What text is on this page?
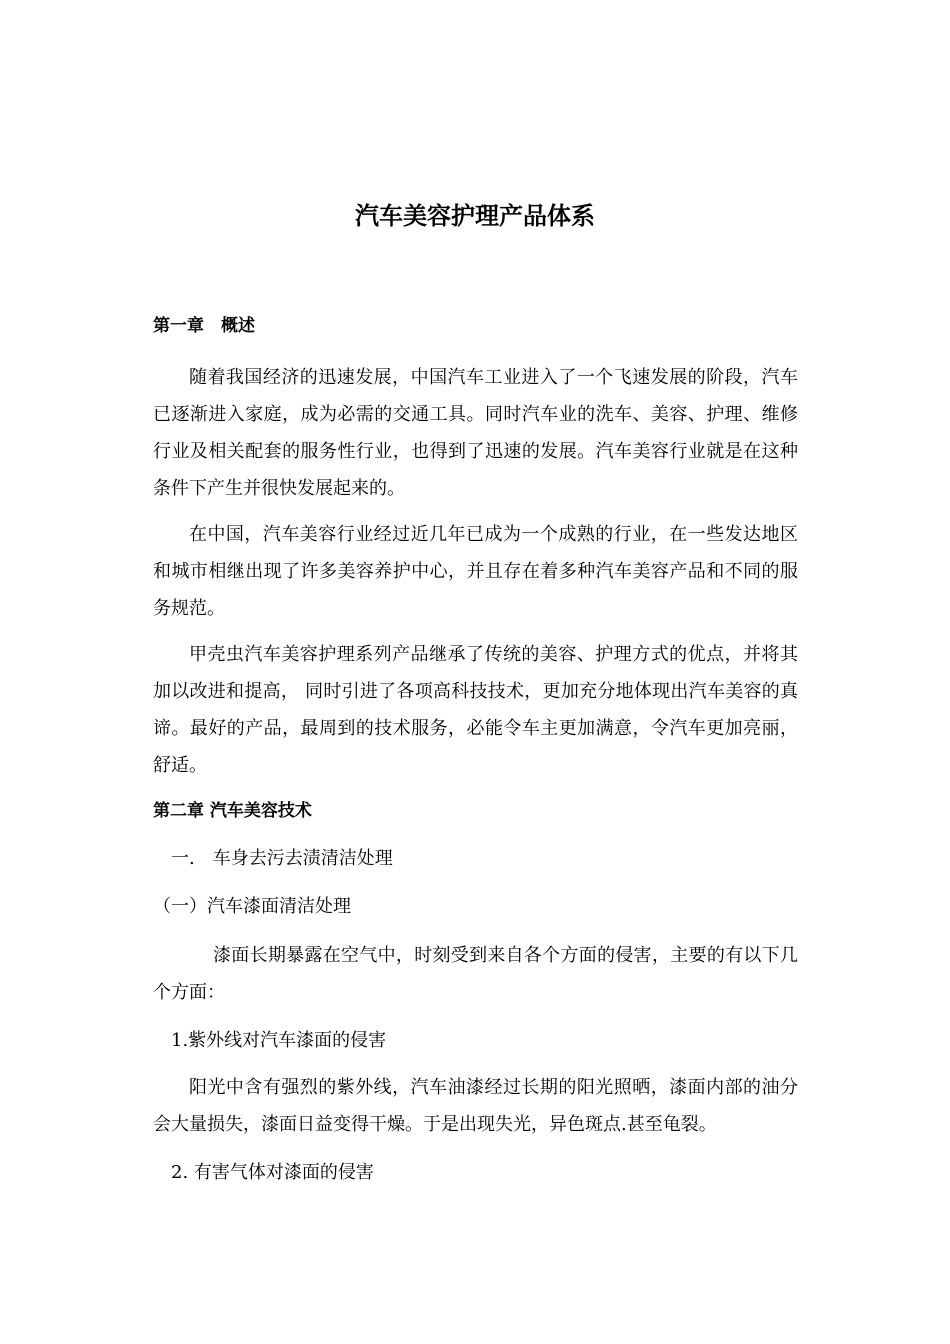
汽车美容护理产品体系
第一章　概述
随着我国经济的迅速发展，中国汽车工业进入了一个飞速发展的阶段，汽车已逐渐进入家庭，成为必需的交通工具。同时汽车业的洗车、美容、护理、维修行业及相关配套的服务性行业，也得到了迅速的发展。汽车美容行业就是在这种条件下产生并很快发展起来的。
在中国，汽车美容行业经过近几年已成为一个成熟的行业，在一些发达地区和城市相继出现了许多美容养护中心，并且存在着多种汽车美容产品和不同的服务规范。
甲壳虫汽车美容护理系列产品继承了传统的美容、护理方式的优点，并将其加以改进和提高， 同时引进了各项高科技技术，更加充分地体现出汽车美容的真谛。最好的产品，最周到的技术服务，必能令车主更加满意，令汽车更加亮丽，舒适。
第二章 汽车美容技术
一.　车身去污去渍清洁处理
（一）汽车漆面清洁处理
漆面长期暴露在空气中，时刻受到来自各个方面的侵害，主要的有以下几个方面：
1.紫外线对汽车漆面的侵害
阳光中含有强烈的紫外线，汽车油漆经过长期的阳光照晒，漆面内部的油分会大量损失，漆面日益变得干燥。于是出现失光，异色斑点.甚至龟裂。
2. 有害气体对漆面的侵害
